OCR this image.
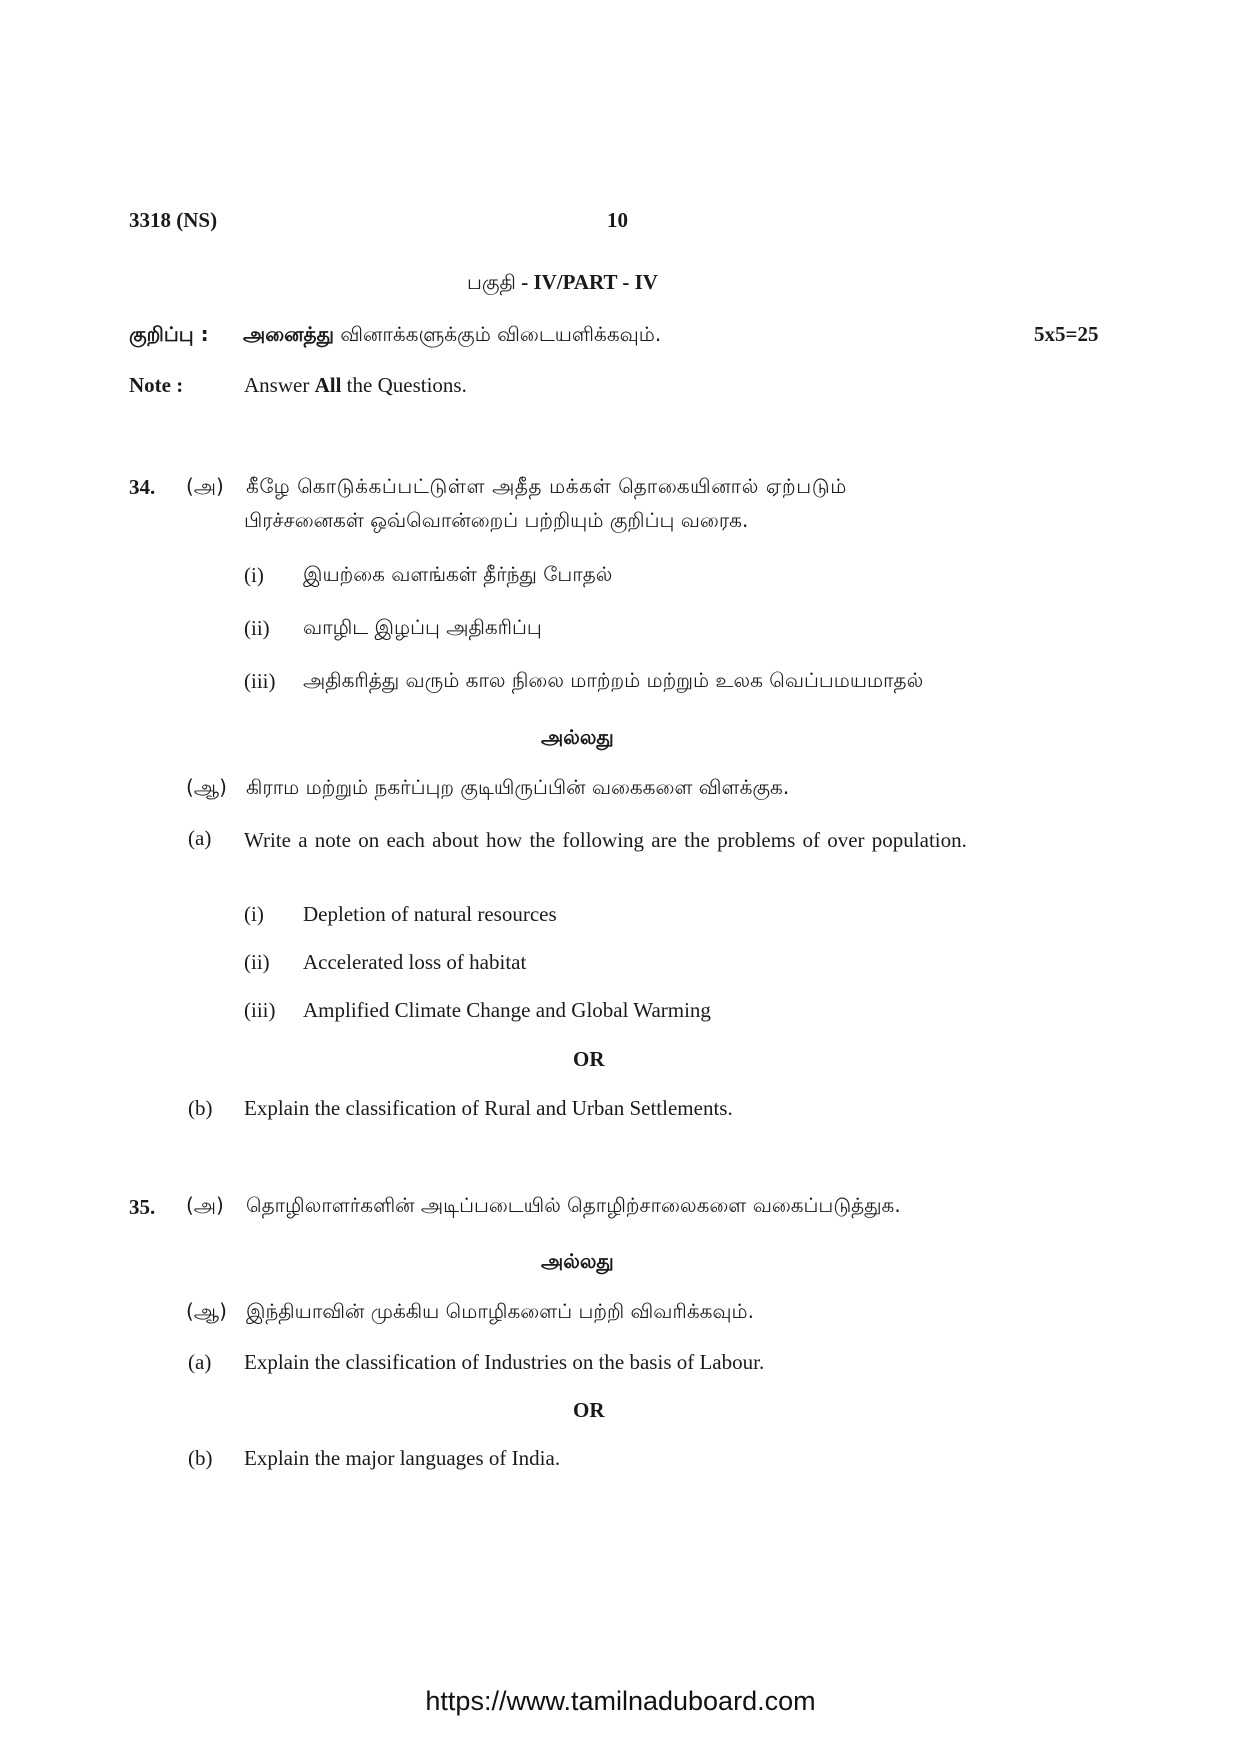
3318 (NS)	10
பகுதி - IV/PART - IV
குறிப்பு : அனைத்து வினாக்களுக்கும் விடையளிக்கவும்.	5x5=25
Note :	Answer All the Questions.
34. (அ) கீழே கொடுக்கப்பட்டுள்ள அதீத மக்கள் தொகையினால் ஏற்படும்
பிரச்சனைகள் ஒவ்வொன்றைப் பற்றியும் குறிப்பு வரைக.
(i) இயற்கை வளங்கள் தீர்ந்து போதல்
(ii) வாழிட இழப்பு அதிகரிப்பு
(iii) அதிகரித்து வரும் கால நிலை மாற்றம் மற்றும் உலக வெப்பமயமாதல்
அல்லது
(ஆ) கிராம மற்றும் நகர்ப்புற குடியிருப்பின் வகைகளை விளக்குக.
(a) Write a note on each about how the following are the problems of over population.
(i) Depletion of natural resources
(ii) Accelerated loss of habitat
(iii) Amplified Climate Change and Global Warming
OR
(b) Explain the classification of Rural and Urban Settlements.
35. (அ) தொழிலாளர்களின் அடிப்படையில் தொழிற்சாலைகளை வகைப்படுத்துக.
அல்லது
(ஆ) இந்தியாவின் முக்கிய மொழிகளைப் பற்றி விவரிக்கவும்.
(a) Explain the classification of Industries on the basis of Labour.
OR
(b) Explain the major languages of India.
https://www.tamilnaduboard.com
